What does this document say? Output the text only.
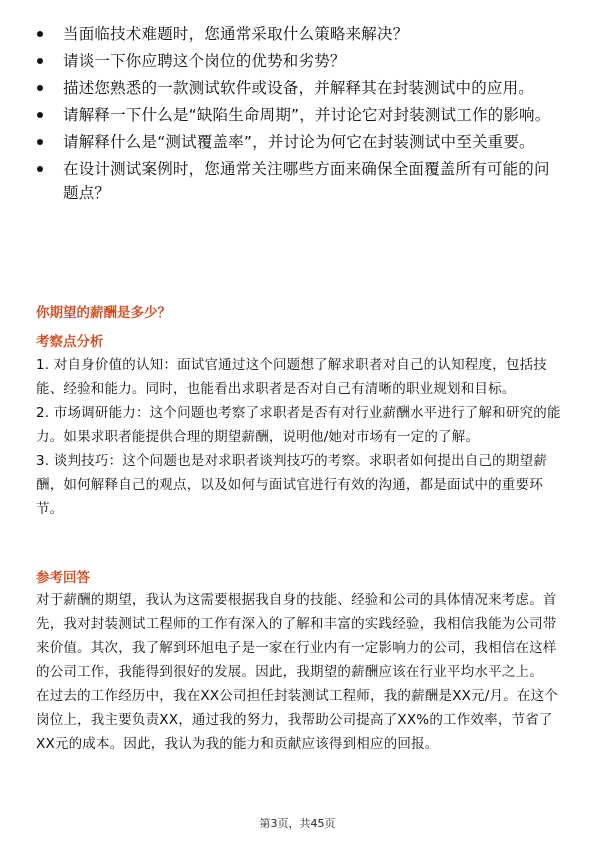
当面临技术难题时，您通常采取什么策略来解决？
请谈一下你应聘这个岗位的优势和劣势？
描述您熟悉的一款测试软件或设备，并解释其在封装测试中的应用。
请解释一下什么是“缺陷生命周期”，并讨论它对封装测试工作的影响。
请解释什么是“测试覆盖率”，并讨论为何它在封装测试中至关重要。
在设计测试案例时，您通常关注哪些方面来确保全面覆盖所有可能的问题点？
你期望的薪酬是多少？
考察点分析

1. 对自身价值的认知：面试官通过这个问题想了解求职者对自己的认知程度，包括技能、经验和能力。同时，也能看出求职者是否对自己有清晰的职业规划和目标。

2. 市场调研能力：这个问题也考察了求职者是否有对行业薪酬水平进行了解和研究的能力。如果求职者能提供合理的期望薪酬，说明他/她对市场有一定的了解。

3. 谈判技巧：这个问题也是对求职者谈判技巧的考察。求职者如何提出自己的期望薪酬，如何解释自己的观点，以及如何与面试官进行有效的沟通，都是面试中的重要环节。

参考回答

对于薪酬的期望，我认为这需要根据我自身的技能、经验和公司的具体情况来考虑。首先，我对封装测试工程师的工作有深入的了解和丰富的实践经验，我相信我能为公司带来价值。其次，我了解到环旭电子是一家在行业内有一定影响力的公司，我相信在这样的公司工作，我能得到很好的发展。因此，我期望的薪酬应该在行业平均水平之上。

在过去的工作经历中，我在XX公司担任封装测试工程师，我的薪酬是XX元/月。在这个岗位上，我主要负责XX，通过我的努力，我帮助公司提高了XX%的工作效率，节省了XX元的成本。因此，我认为我的能力和贡献应该得到相应的回报。

第3页，共45页
